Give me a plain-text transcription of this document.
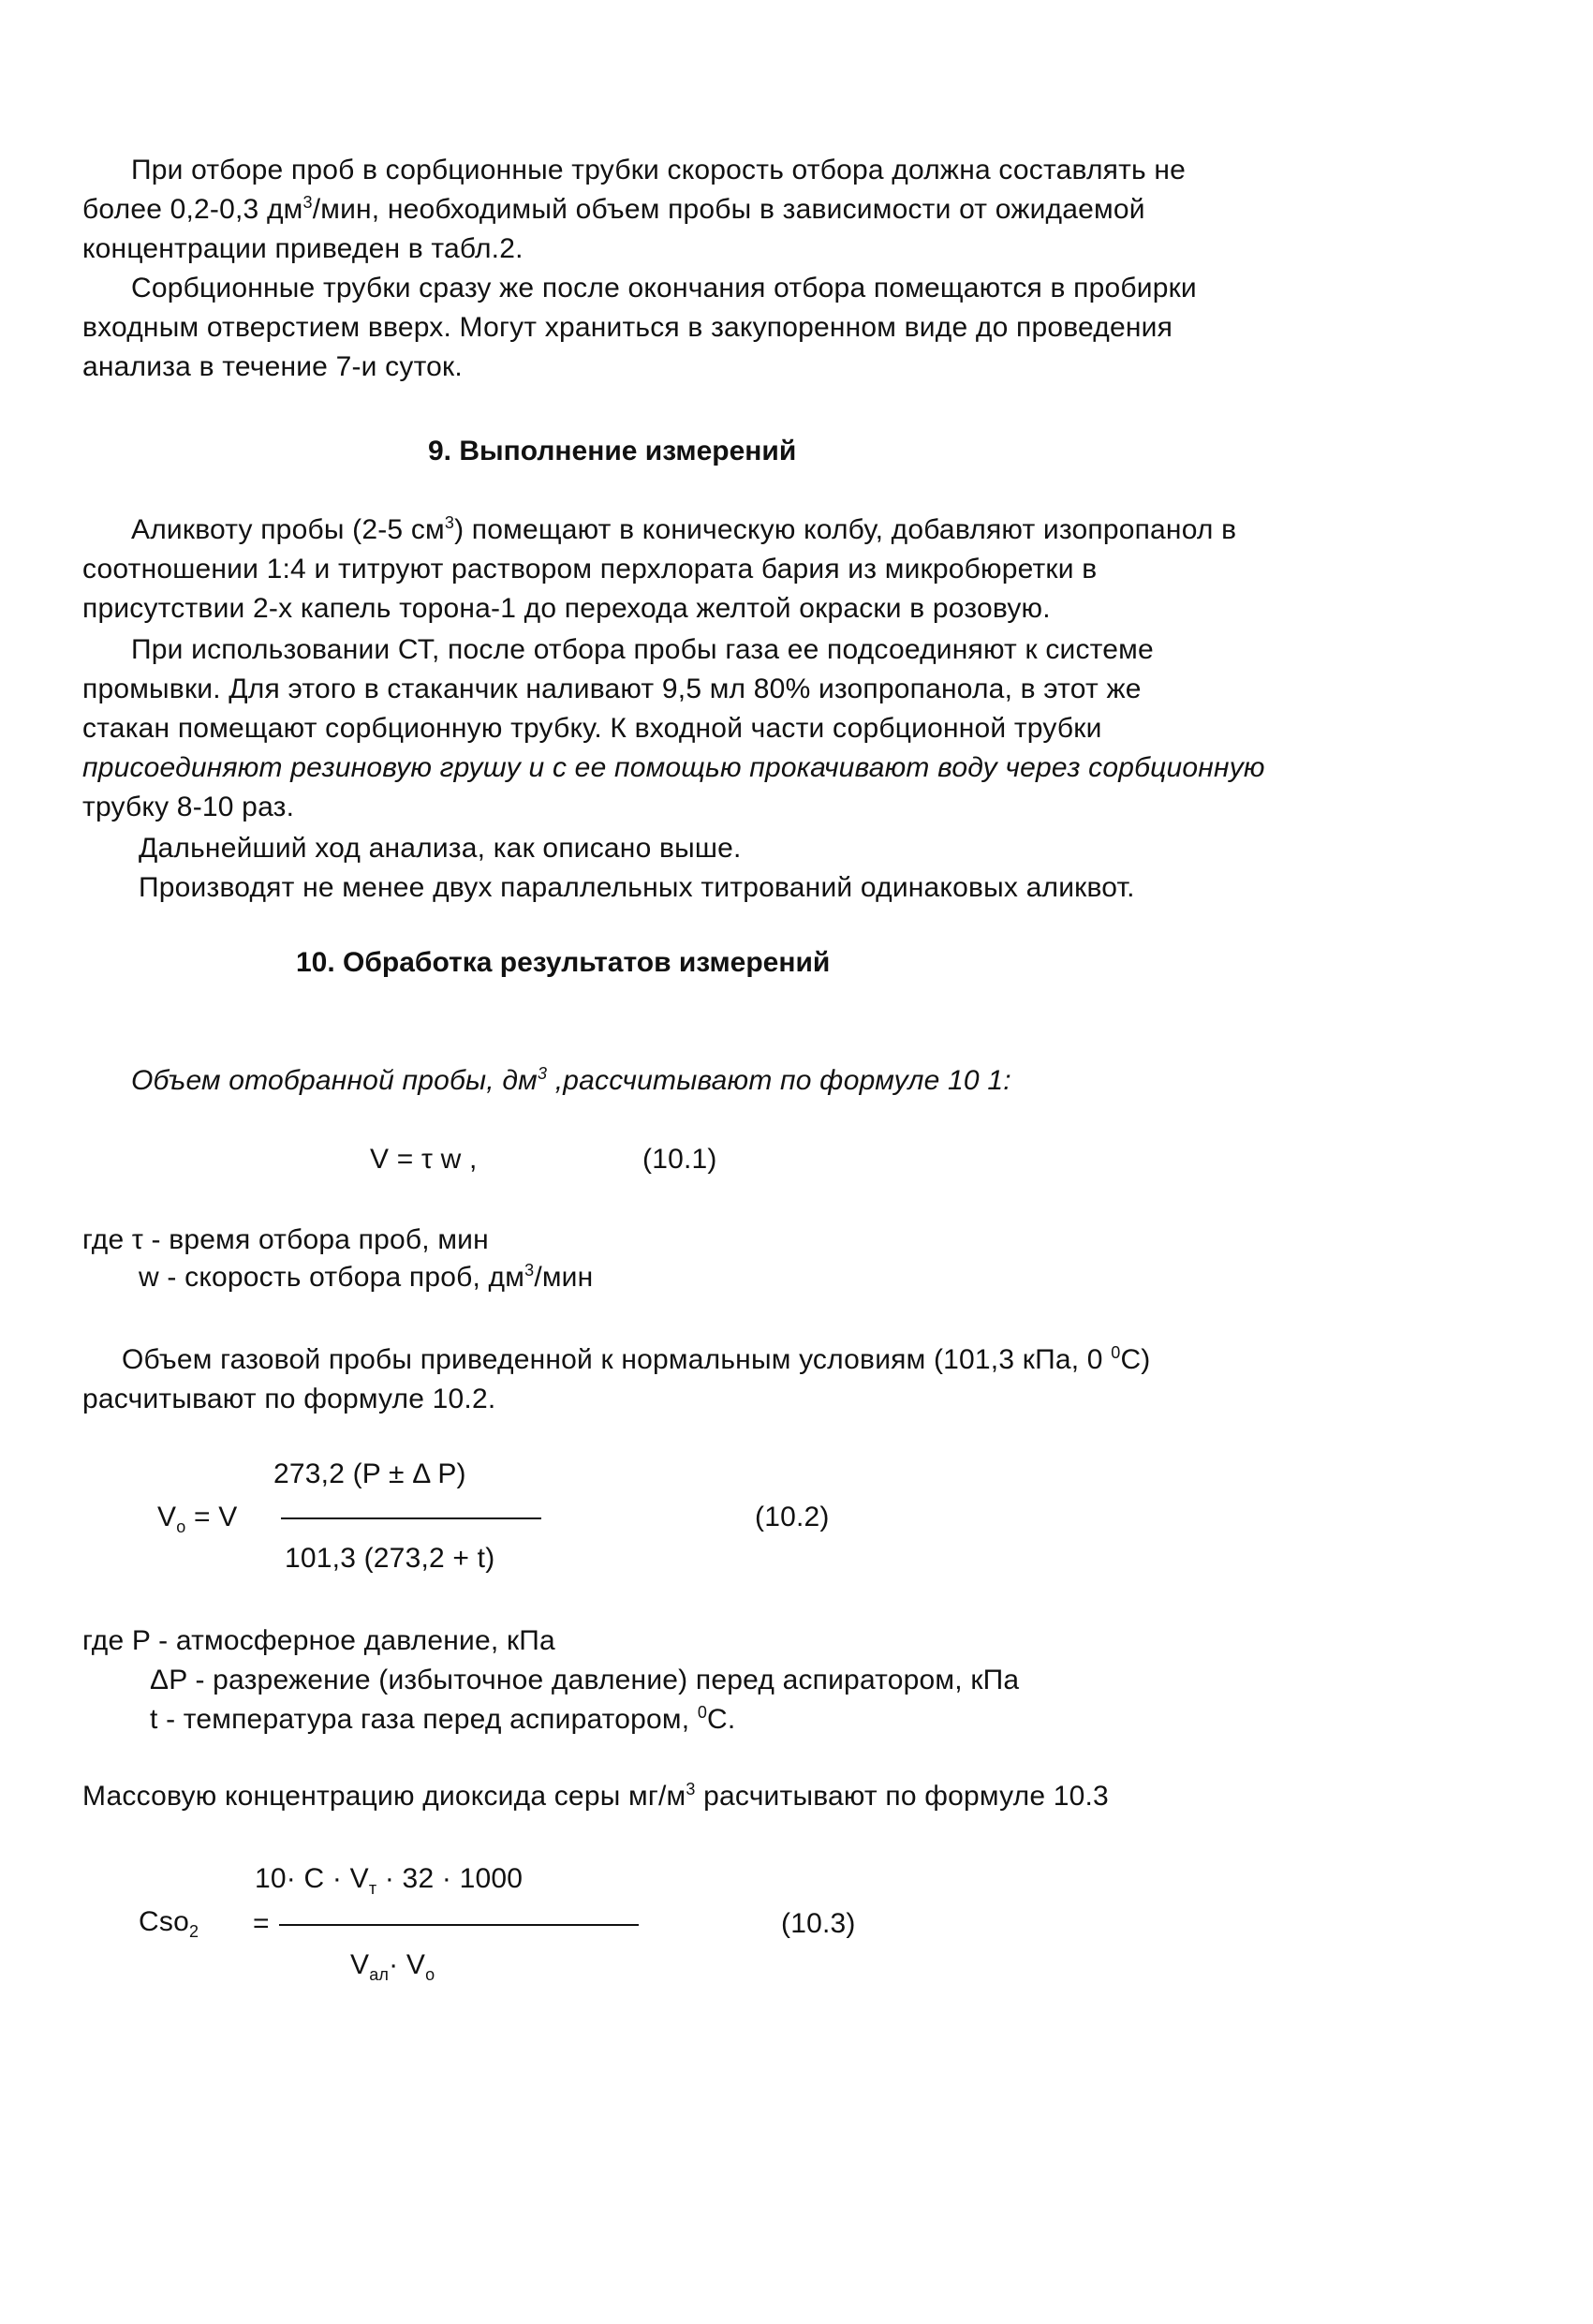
При отборе проб в сорбционные трубки скорость отбора должна составлять не
более 0,2-0,3 $дм^3$/мин, необходимый объем пробы в зависимости от ожидаемой
концентрации приведен в табл.2.
Сорбционные трубки сразу же после окончания отбора помещаются в пробирки
входным отверстием вверх. Могут храниться в закупоренном виде до проведения
анализа в течение 7-и суток.
9. Выполнение измерений
Аликвоту пробы (2-5 $см^3$) помещают в коническую колбу, добавляют изопропанол в
соотношении 1:4 и титруют раствором перхлората бария из микробюретки в
присутствии 2-х капель торона-1 до перехода желтой окраски в розовую.
При использовании СТ, после отбора пробы газа ее подсоединяют к системе
промывки. Для этого в стаканчик наливают 9,5 мл 80% изопропанола, в этот же
стакан помещают сорбционную трубку. К входной части сорбционной трубки
присоединяют резиновую грушу и с ее помощью прокачивают воду через сорбционную
трубку 8-10 раз.
Дальнейший ход анализа, как описано выше.
Производят не менее двух параллельных титрований одинаковых аликвот.
10. Обработка результатов измерений
Объем отобранной пробы, $дм^3$ ,рассчитывают по формуле 10 1:
V = τ w ,	(10.1)
где τ - время отбора проб, мин
w - скорость отбора проб, $дм^3$/мин
Объем газовой пробы приведенной к нормальным условиям (101,3 кПа, 0 $^0$С)
расчитывают по формуле 10.2.
273,2 (P ± Δ P)
$V_о = V$
101,3 (273,2 + t)
(10.2)
где P - атмосферное давление, кПа
ΔP - разрежение (избыточное давление) перед аспиратором, кПа
t - температура газа перед аспиратором, $^0$С.
Массовую концентрацию диоксида серы $мг/м^3$ расчитывают по формуле 10.3
$10\cdot C \cdot V_т \cdot 32 \cdot 1000$
Cso$_2$ =
$V_{ал}\cdot V_о$
(10.3)
